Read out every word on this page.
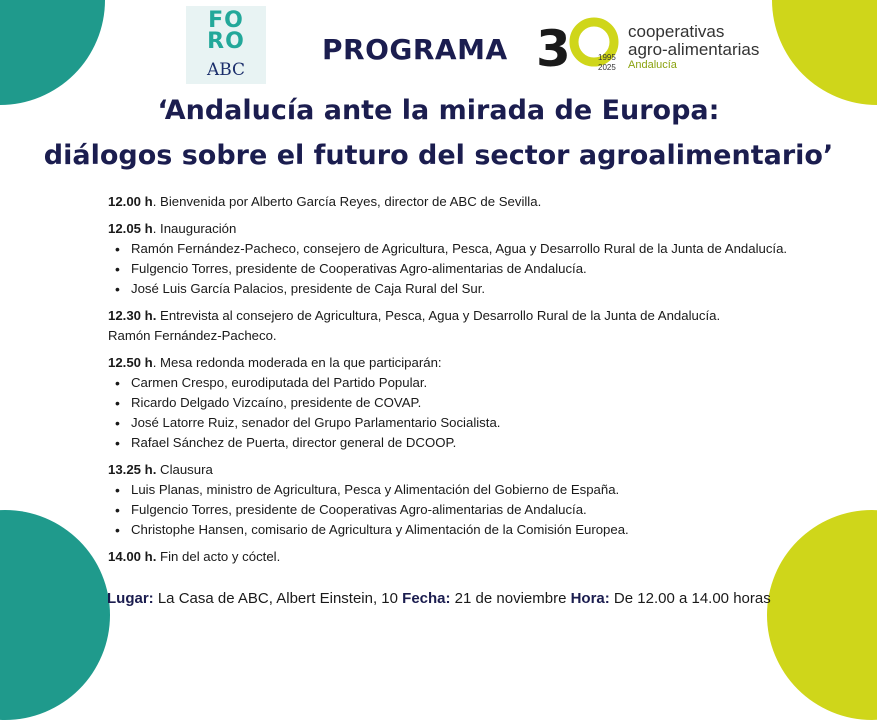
FO
RO
ABC
PROGRAMA 3	1995
2025
cooperativas
agro-alimentarias
Andalucía
‘Andalucía ante la mirada de Europa:
diálogos sobre el futuro del sector agroalimentario’
12.00 h. Bienvenida por Alberto García Reyes, director de ABC de Sevilla.
12.05 h. Inauguración
• Ramón Fernández-Pacheco, consejero de Agricultura, Pesca, Agua y Desarrollo Rural de la Junta de Andalucía.
• Fulgencio Torres, presidente de Cooperativas Agro-alimentarias de Andalucía.
• José Luis García Palacios, presidente de Caja Rural del Sur.
12.30 h. Entrevista al consejero de Agricultura, Pesca, Agua y Desarrollo Rural de la Junta de Andalucía.
Ramón Fernández-Pacheco.
12.50 h. Mesa redonda moderada en la que participarán:
• Carmen Crespo, eurodiputada del Partido Popular.
• Ricardo Delgado Vizcaíno, presidente de COVAP.
• José Latorre Ruiz, senador del Grupo Parlamentario Socialista.
• Rafael Sánchez de Puerta, director general de DCOOP.
13.25 h. Clausura
• Luis Planas, ministro de Agricultura, Pesca y Alimentación del Gobierno de España.
• Fulgencio Torres, presidente de Cooperativas Agro-alimentarias de Andalucía.
• Christophe Hansen, comisario de Agricultura y Alimentación de la Comisión Europea.
14.00 h. Fin del acto y cóctel.
Lugar: La Casa de ABC, Albert Einstein, 10 Fecha: 21 de noviembre Hora: De 12.00 a 14.00 horas
